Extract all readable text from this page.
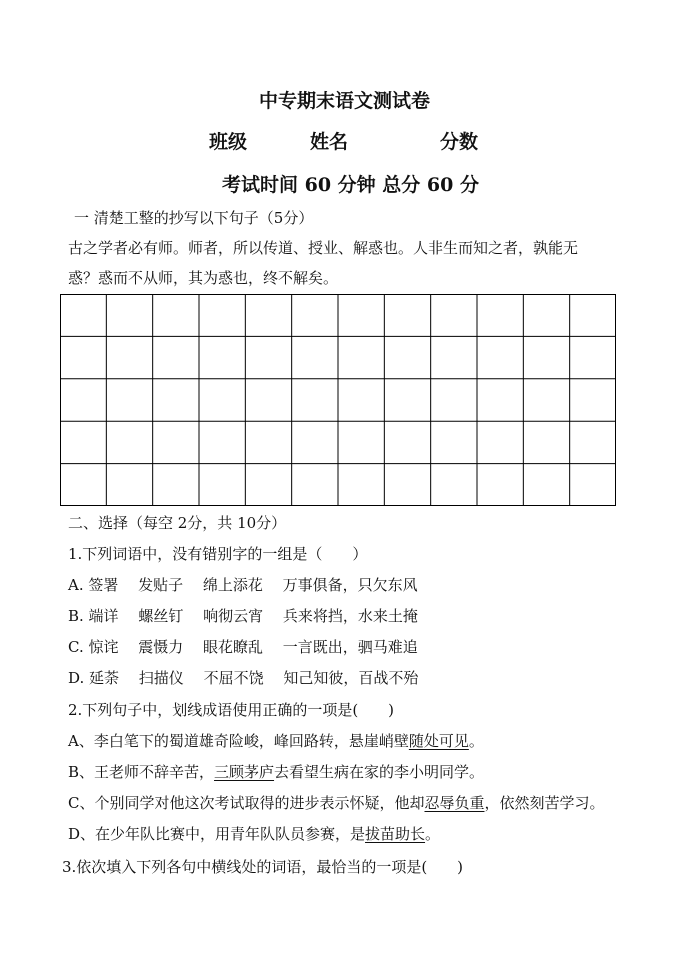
中专期末语文测试卷
班级	姓名	分数
考试时间 60 分钟 总分 60 分
一 清楚工整的抄写以下句子（5分）
古之学者必有师。师者，所以传道、授业、解惑也。人非生而知之者，孰能无
惑？惑而不从师，其为惑也，终不解矣。
二、选择（每空 2分，共 10分）
1.下列词语中，没有错别字的一组是（　　）
A. 签署　 发贴子　 绵上添花　 万事俱备，只欠东风
B. 端详　 螺丝钉　 响彻云宵　 兵来将挡，水来土掩
C. 惊诧　 震慑力　 眼花瞭乱　 一言既出，驷马难追
D. 延荼　 扫描仪　 不屈不饶　 知己知彼，百战不殆
2.下列句子中，划线成语使用正确的一项是(　　)
A、李白笔下的蜀道雄奇险峻，峰回路转，悬崖峭壁随处可见。
B、王老师不辞辛苦，三顾茅庐去看望生病在家的李小明同学。
C、个别同学对他这次考试取得的进步表示怀疑，他却忍辱负重，依然刻苦学习。
D、在少年队比赛中，用青年队队员参赛，是拔苗助长。
3.依次填入下列各句中横线处的词语，最恰当的一项是(　　)
